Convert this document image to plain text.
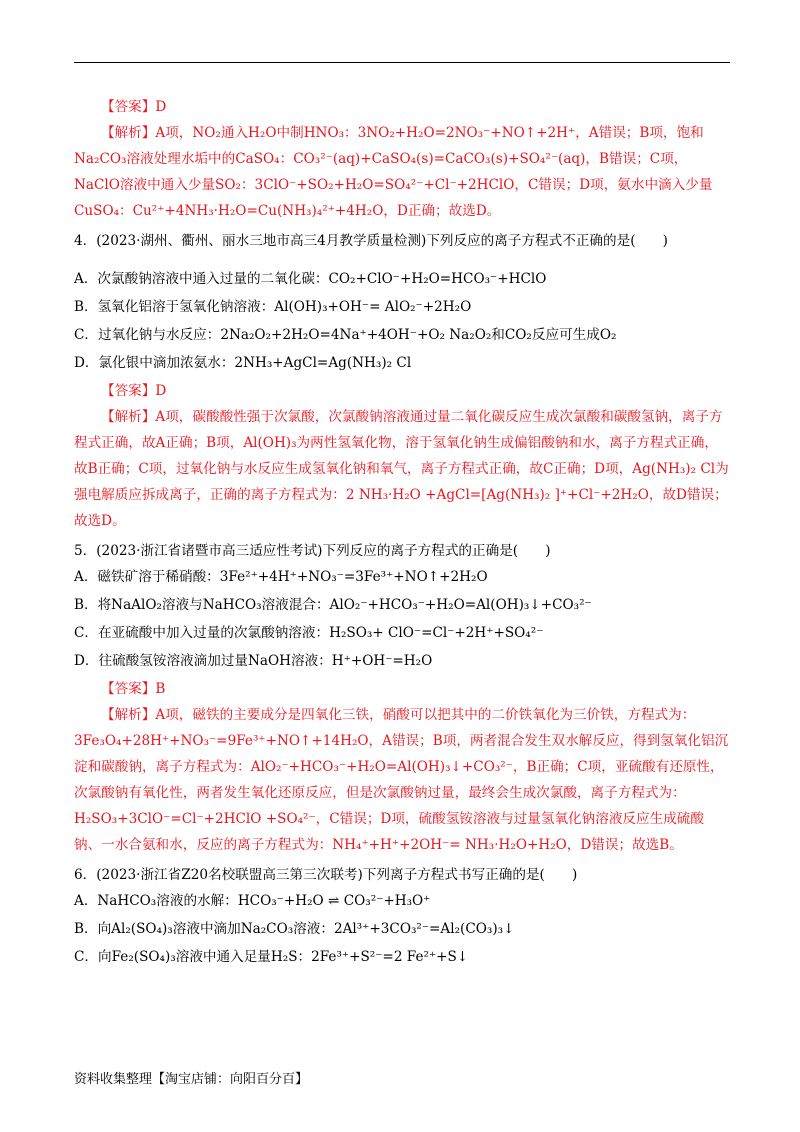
【答案】D

【解析】A项，NO₂通入H₂O中制HNO₃：3NO₂+H₂O=2NO₃⁻+NO↑+2H⁺，A错误；B项，饱和Na₂CO₃溶液处理水垢中的CaSO₄：CO₃²⁻(aq)+CaSO₄(s)=CaCO₃(s)+SO₄²⁻(aq)，B错误；C项，NaClO溶液中通入少量SO₂：3ClO⁻+SO₂+H₂O=SO₄²⁻+Cl⁻+2HClO，C错误；D项，氨水中滴入少量CuSO₄：Cu²⁺+4NH₃·H₂O=Cu(NH₃)₄²⁺+4H₂O，D正确；故选D。

4．(2023·湖州、衢州、丽水三地市高三4月教学质量检测)下列反应的离子方程式不正确的是(　　)

A．次氯酸钠溶液中通入过量的二氧化碳：CO₂+ClO⁻+H₂O=HCO₃⁻+HClO

B．氢氧化铝溶于氢氧化钠溶液：Al(OH)₃+OH⁻= AlO₂⁻+2H₂O

C．过氧化钠与水反应：2Na₂O₂+2H₂O=4Na⁺+4OH⁻+O₂ Na₂O₂和CO₂反应可生成O₂

D．氯化银中滴加浓氨水：2NH₃+AgCl=Ag(NH₃)₂ Cl

【答案】D

【解析】A项，碳酸酸性强于次氯酸，次氯酸钠溶液通过量二氧化碳反应生成次氯酸和碳酸氢钠，离子方程式正确，故A正确；B项，Al(OH)₃为两性氢氧化物，溶于氢氧化钠生成偏铝酸钠和水，离子方程式正确，故B正确；C项，过氧化钠与水反应生成氢氧化钠和氧气，离子方程式正确，故C正确；D项，Ag(NH₃)₂ Cl为强电解质应拆成离子，正确的离子方程式为：2 NH₃·H₂O +AgCl=[Ag(NH₃)₂ ]⁺+Cl⁻+2H₂O，故D错误；故选D。

5．(2023·浙江省诸暨市高三适应性考试)下列反应的离子方程式的正确是(　　)

A．磁铁矿溶于稀硝酸：3Fe²⁺+4H⁺+NO₃⁻=3Fe³⁺+NO↑+2H₂O

B．将NaAlO₂溶液与NaHCO₃溶液混合：AlO₂⁻+HCO₃⁻+H₂O=Al(OH)₃↓+CO₃²⁻

C．在亚硫酸中加入过量的次氯酸钠溶液：H₂SO₃+ ClO⁻=Cl⁻+2H⁺+SO₄²⁻

D．往硫酸氢铵溶液滴加过量NaOH溶液：H⁺+OH⁻=H₂O

【答案】B

【解析】A项，磁铁的主要成分是四氧化三铁，硝酸可以把其中的二价铁氧化为三价铁，方程式为：3Fe₃O₄+28H⁺+NO₃⁻=9Fe³⁺+NO↑+14H₂O，A错误；B项，两者混合发生双水解反应，得到氢氧化铝沉淀和碳酸钠，离子方程式为：AlO₂⁻+HCO₃⁻+H₂O=Al(OH)₃↓+CO₃²⁻，B正确；C项，亚硫酸有还原性，次氯酸钠有氧化性，两者发生氧化还原反应，但是次氯酸钠过量，最终会生成次氯酸，离子方程式为：H₂SO₃+3ClO⁻=Cl⁻+2HClO +SO₄²⁻，C错误；D项，硫酸氢铵溶液与过量氢氧化钠溶液反应生成硫酸钠、一水合氨和水，反应的离子方程式为：NH₄⁺+H⁺+2OH⁻= NH₃·H₂O+H₂O，D错误；故选B。

6．(2023·浙江省Z20名校联盟高三第三次联考)下列离子方程式书写正确的是(　　)

A．NaHCO₃溶液的水解：HCO₃⁻+H₂O ⇌ CO₃²⁻+H₃O⁺

B．向Al₂(SO₄)₃溶液中滴加Na₂CO₃溶液：2Al³⁺+3CO₃²⁻=Al₂(CO₃)₃↓

C．向Fe₂(SO₄)₃溶液中通入足量H₂S：2Fe³⁺+S²⁻=2 Fe²⁺+S↓

资料收集整理【淘宝店铺：向阳百分百】
